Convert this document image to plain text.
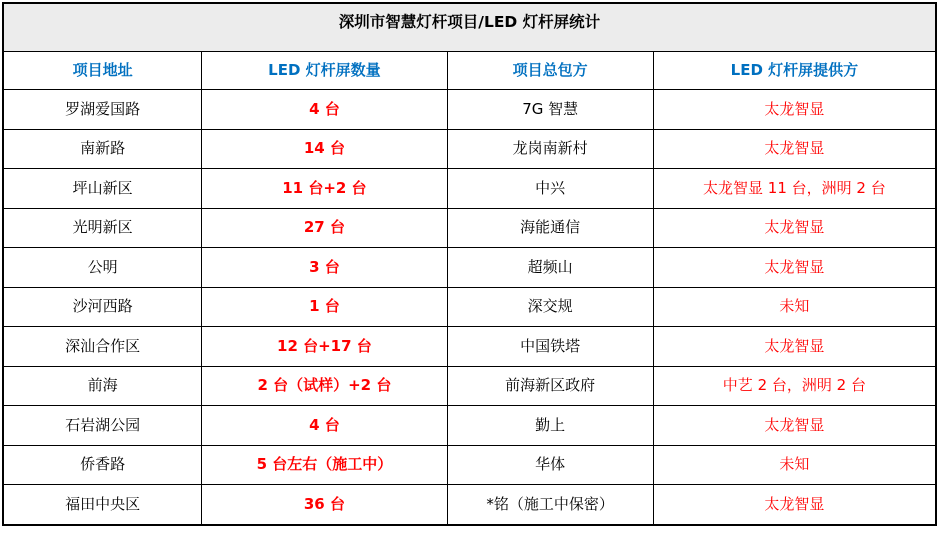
深圳市智慧灯杆项目/LED 灯杆屏统计			
项目地址	LED 灯杆屏数量	项目总包方	LED 灯杆屏提供方
罗湖爱国路	4 台	7G 智慧	太龙智显
南新路	14 台	龙岗南新村	太龙智显
坪山新区	11 台+2 台	中兴	太龙智显 11 台，洲明 2 台
光明新区	27 台	海能通信	太龙智显
公明	3 台	超频山	太龙智显
沙河西路	1 台	深交规	未知
深汕合作区	12 台+17 台	中国铁塔	太龙智显
前海	2 台（试样）+2 台	前海新区政府	中艺 2 台，洲明 2 台
石岩湖公园	4 台	勤上	太龙智显
侨香路	5 台左右（施工中）	华体	未知
福田中央区	36 台	*铭（施工中保密）	太龙智显
